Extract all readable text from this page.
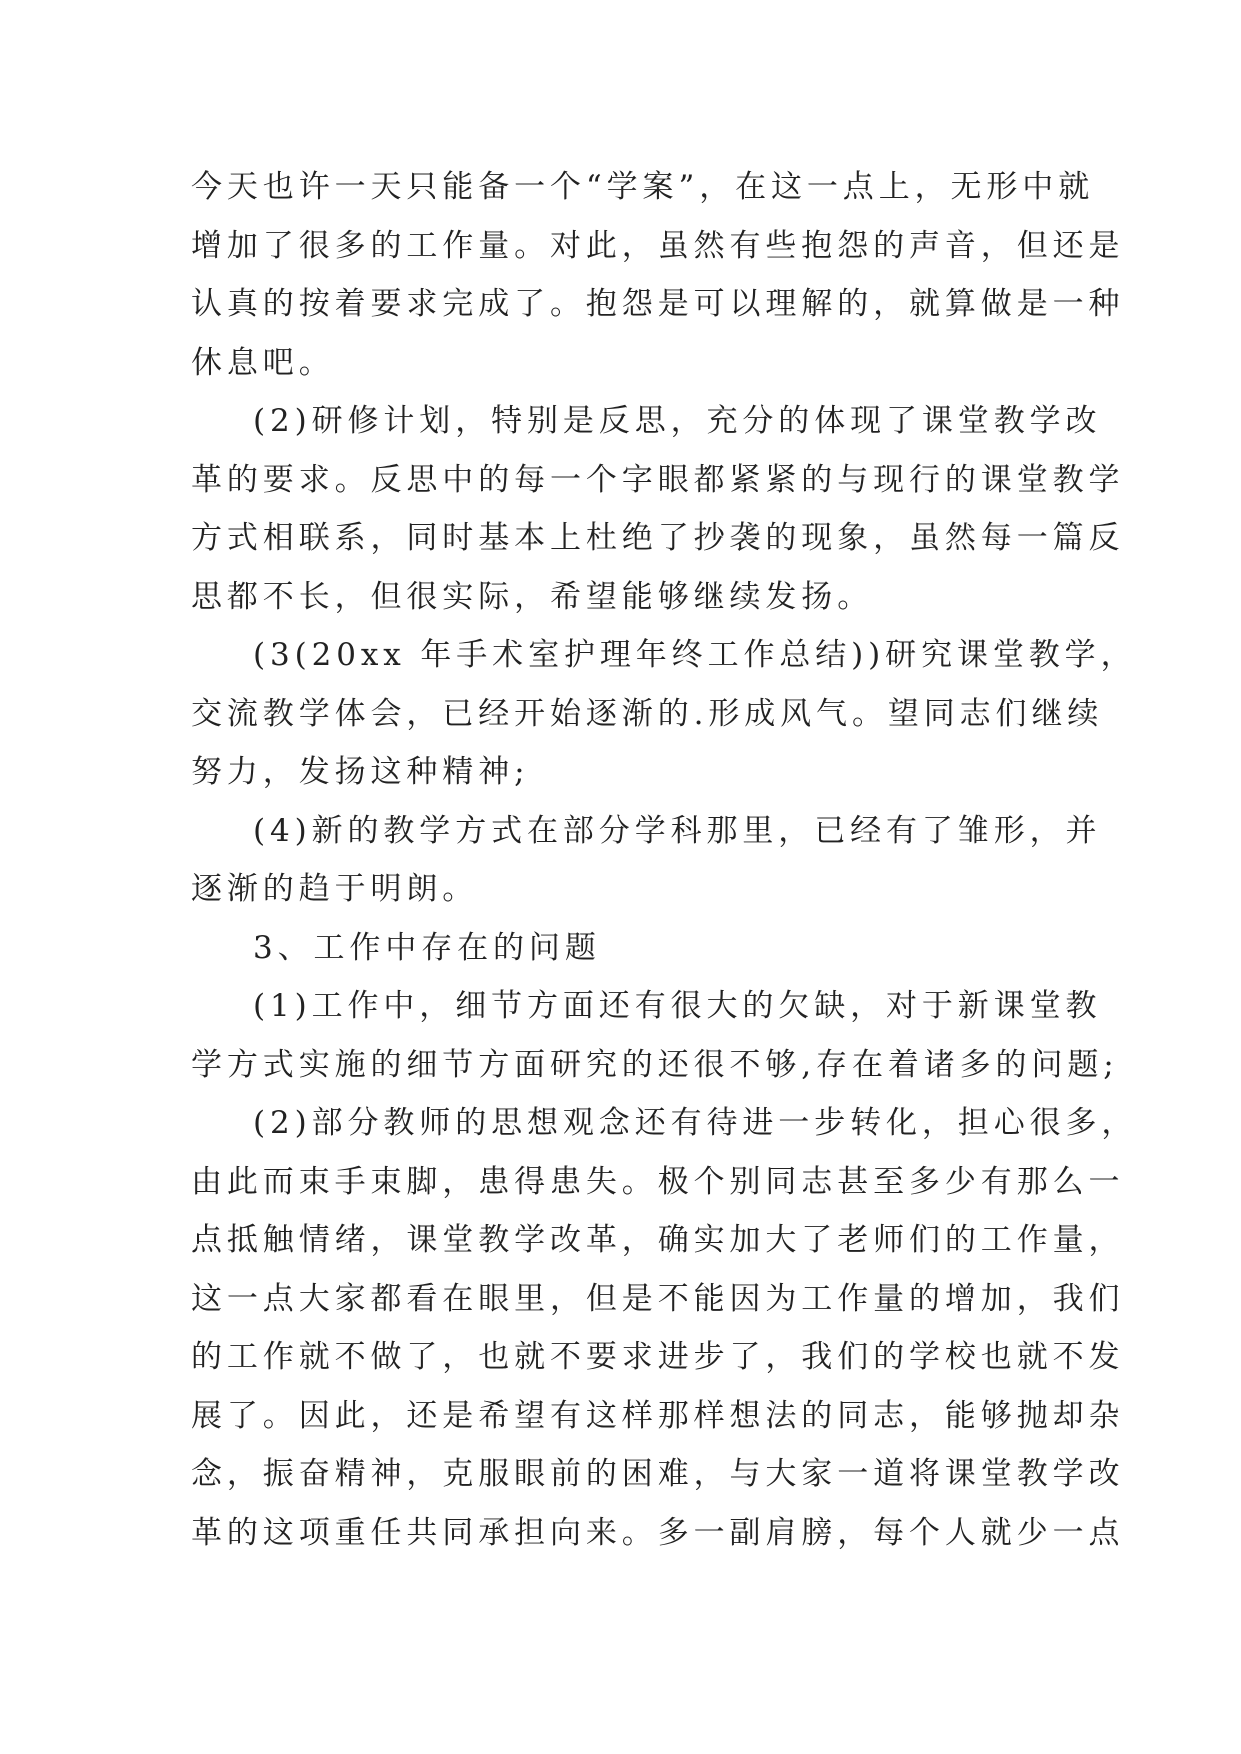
今天也许一天只能备一个“学案”，在这一点上，无形中就
增加了很多的工作量。对此，虽然有些抱怨的声音，但还是
认真的按着要求完成了。抱怨是可以理解的，就算做是一种
休息吧。
(2)研修计划，特别是反思，充分的体现了课堂教学改
革的要求。反思中的每一个字眼都紧紧的与现行的课堂教学
方式相联系，同时基本上杜绝了抄袭的现象，虽然每一篇反
思都不长，但很实际，希望能够继续发扬。
(3(20xx 年手术室护理年终工作总结))研究课堂教学，
交流教学体会，已经开始逐渐的.形成风气。望同志们继续
努力，发扬这种精神;
(4)新的教学方式在部分学科那里，已经有了雏形，并
逐渐的趋于明朗。
3、工作中存在的问题
(1)工作中，细节方面还有很大的欠缺，对于新课堂教
学方式实施的细节方面研究的还很不够,存在着诸多的问题;
(2)部分教师的思想观念还有待进一步转化，担心很多，
由此而束手束脚，患得患失。极个别同志甚至多少有那么一
点抵触情绪，课堂教学改革，确实加大了老师们的工作量，
这一点大家都看在眼里，但是不能因为工作量的增加，我们
的工作就不做了，也就不要求进步了，我们的学校也就不发
展了。因此，还是希望有这样那样想法的同志，能够抛却杂
念，振奋精神，克服眼前的困难，与大家一道将课堂教学改
革的这项重任共同承担向来。多一副肩膀，每个人就少一点
